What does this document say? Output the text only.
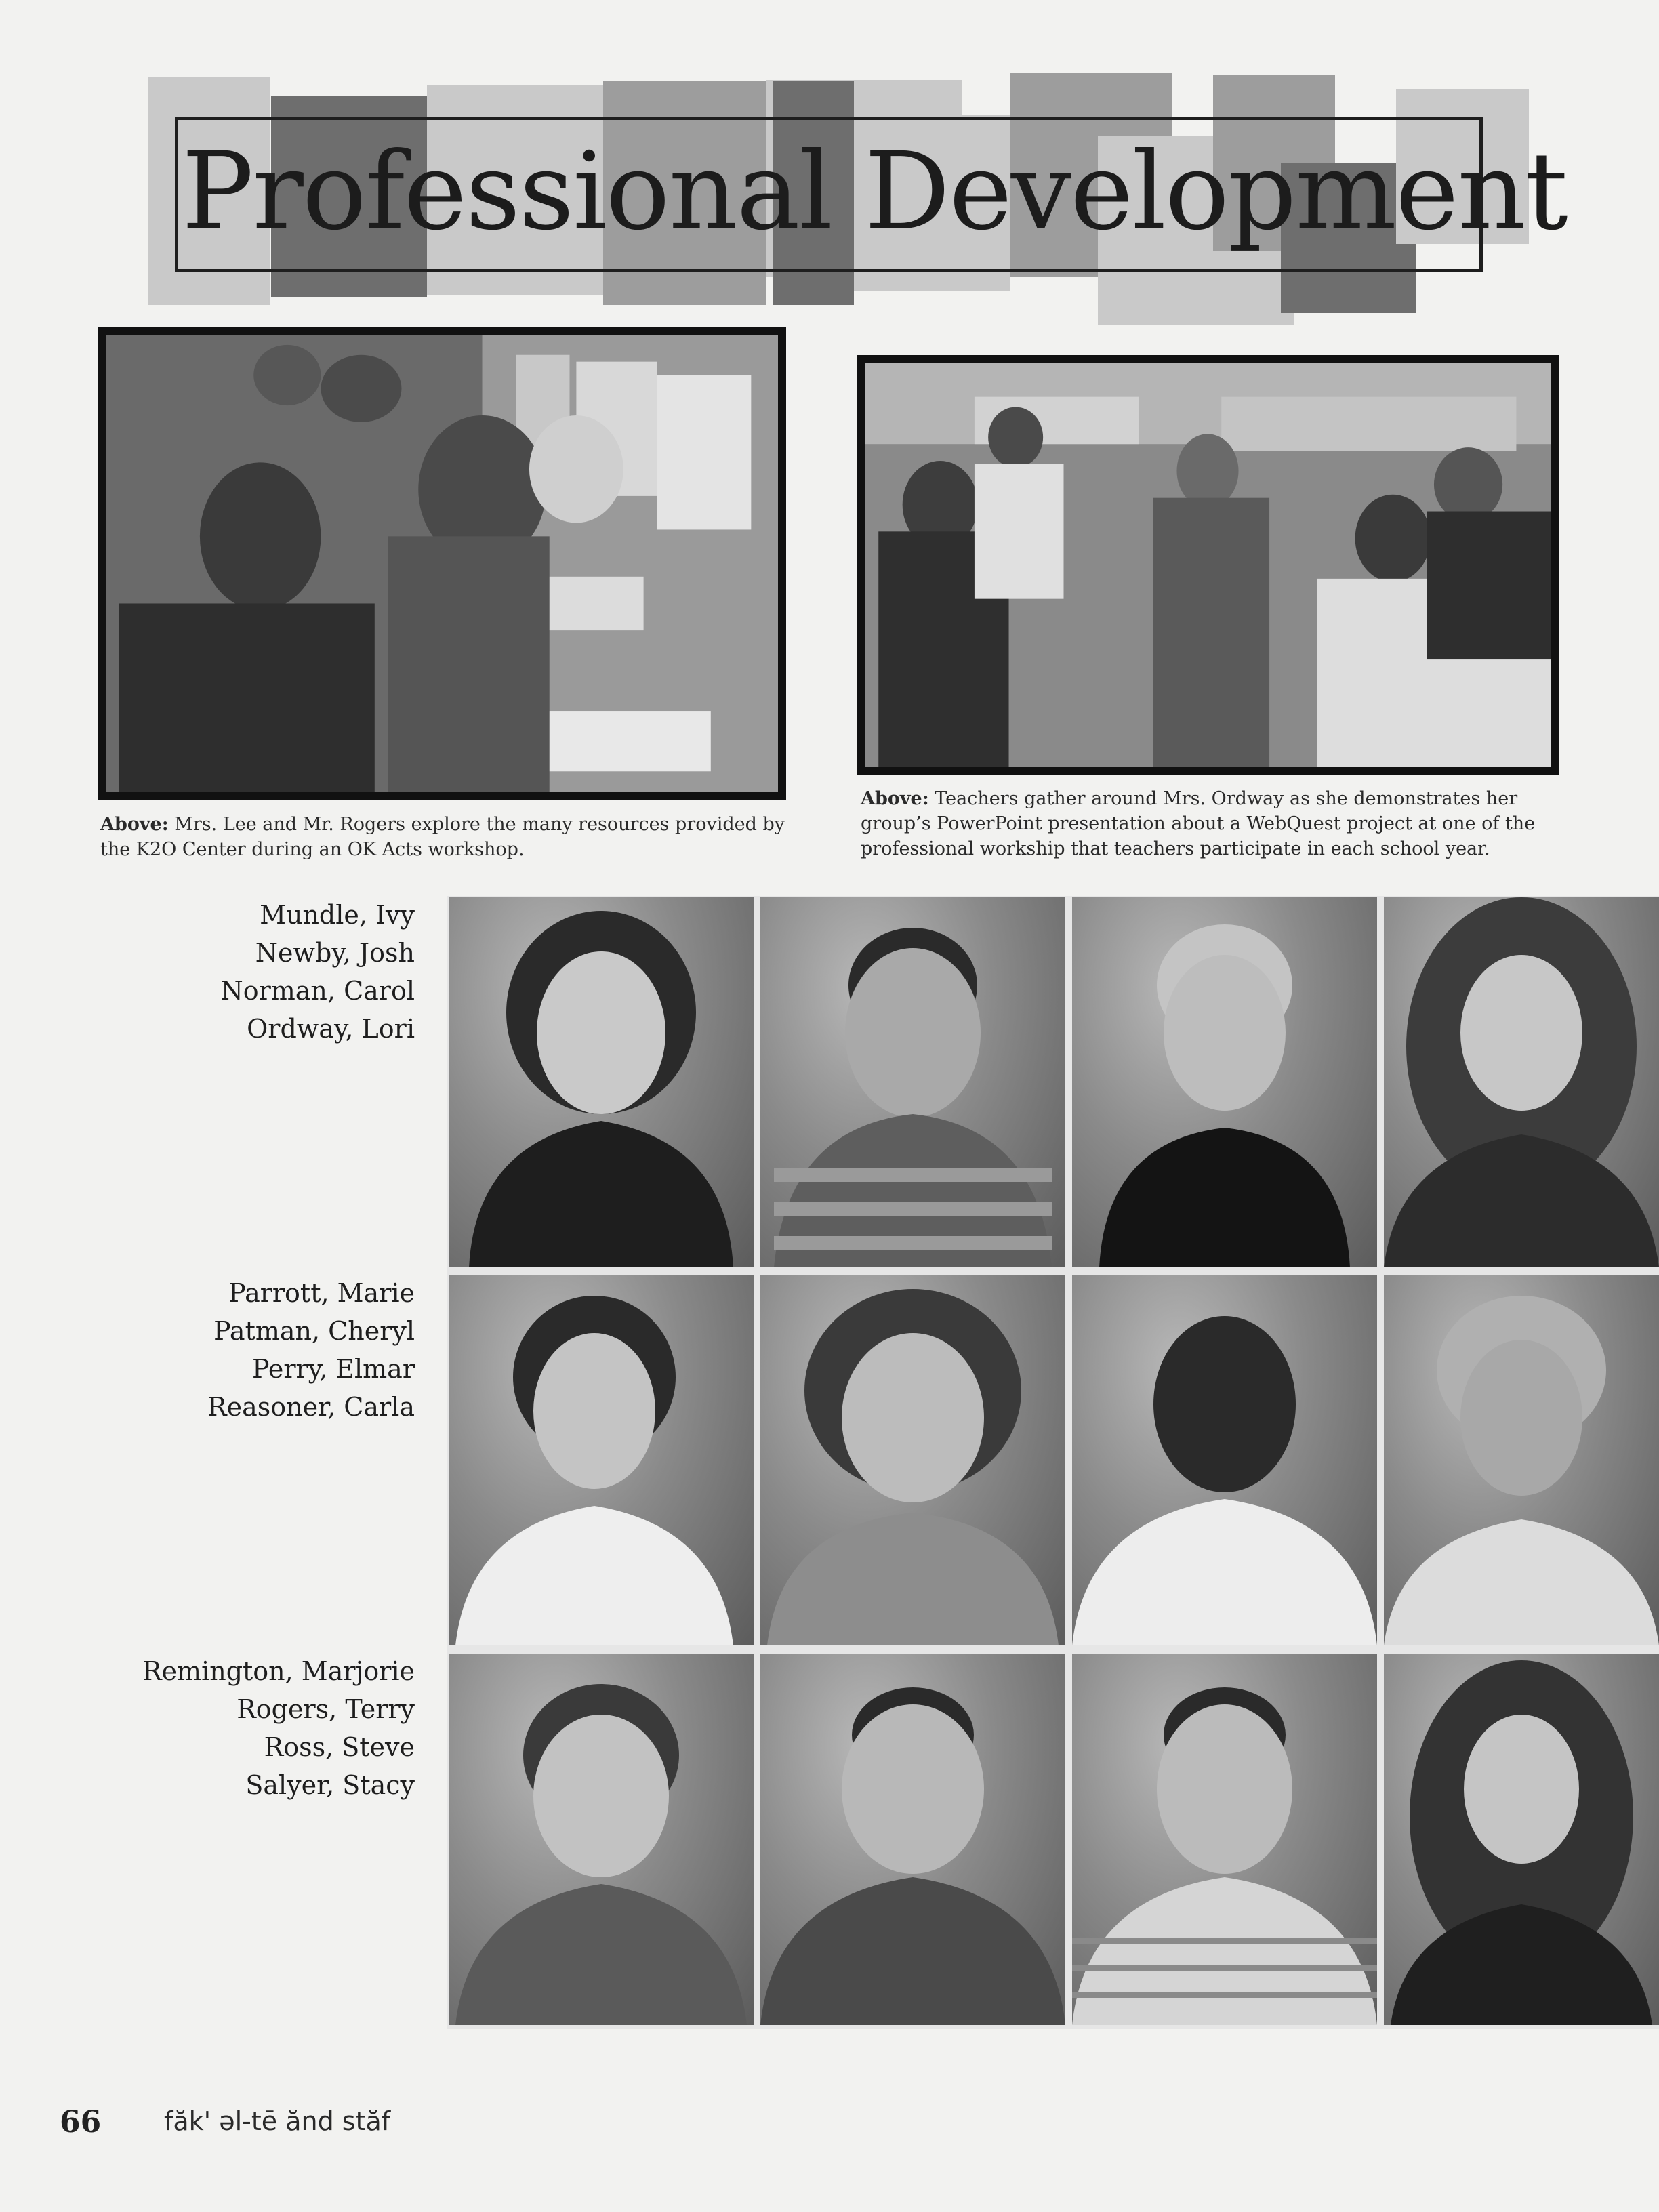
Professional Development
Above: Mrs. Lee and Mr. Rogers explore the many resources provided by the K2O Center during an OK Acts workshop.
Above: Teachers gather around Mrs. Ordway as she demonstrates her group’s PowerPoint presentation about a WebQuest project at one of the professional workship that teachers participate in each school year.
Mundle, Ivy
Newby, Josh
Norman, Carol
Ordway, Lori
Parrott, Marie
Patman, Cheryl
Perry, Elmar
Reasoner, Carla
Remington, Marjorie
Rogers, Terry
Ross, Steve
Salyer, Stacy
66 făk' əl-tē ănd stăf
